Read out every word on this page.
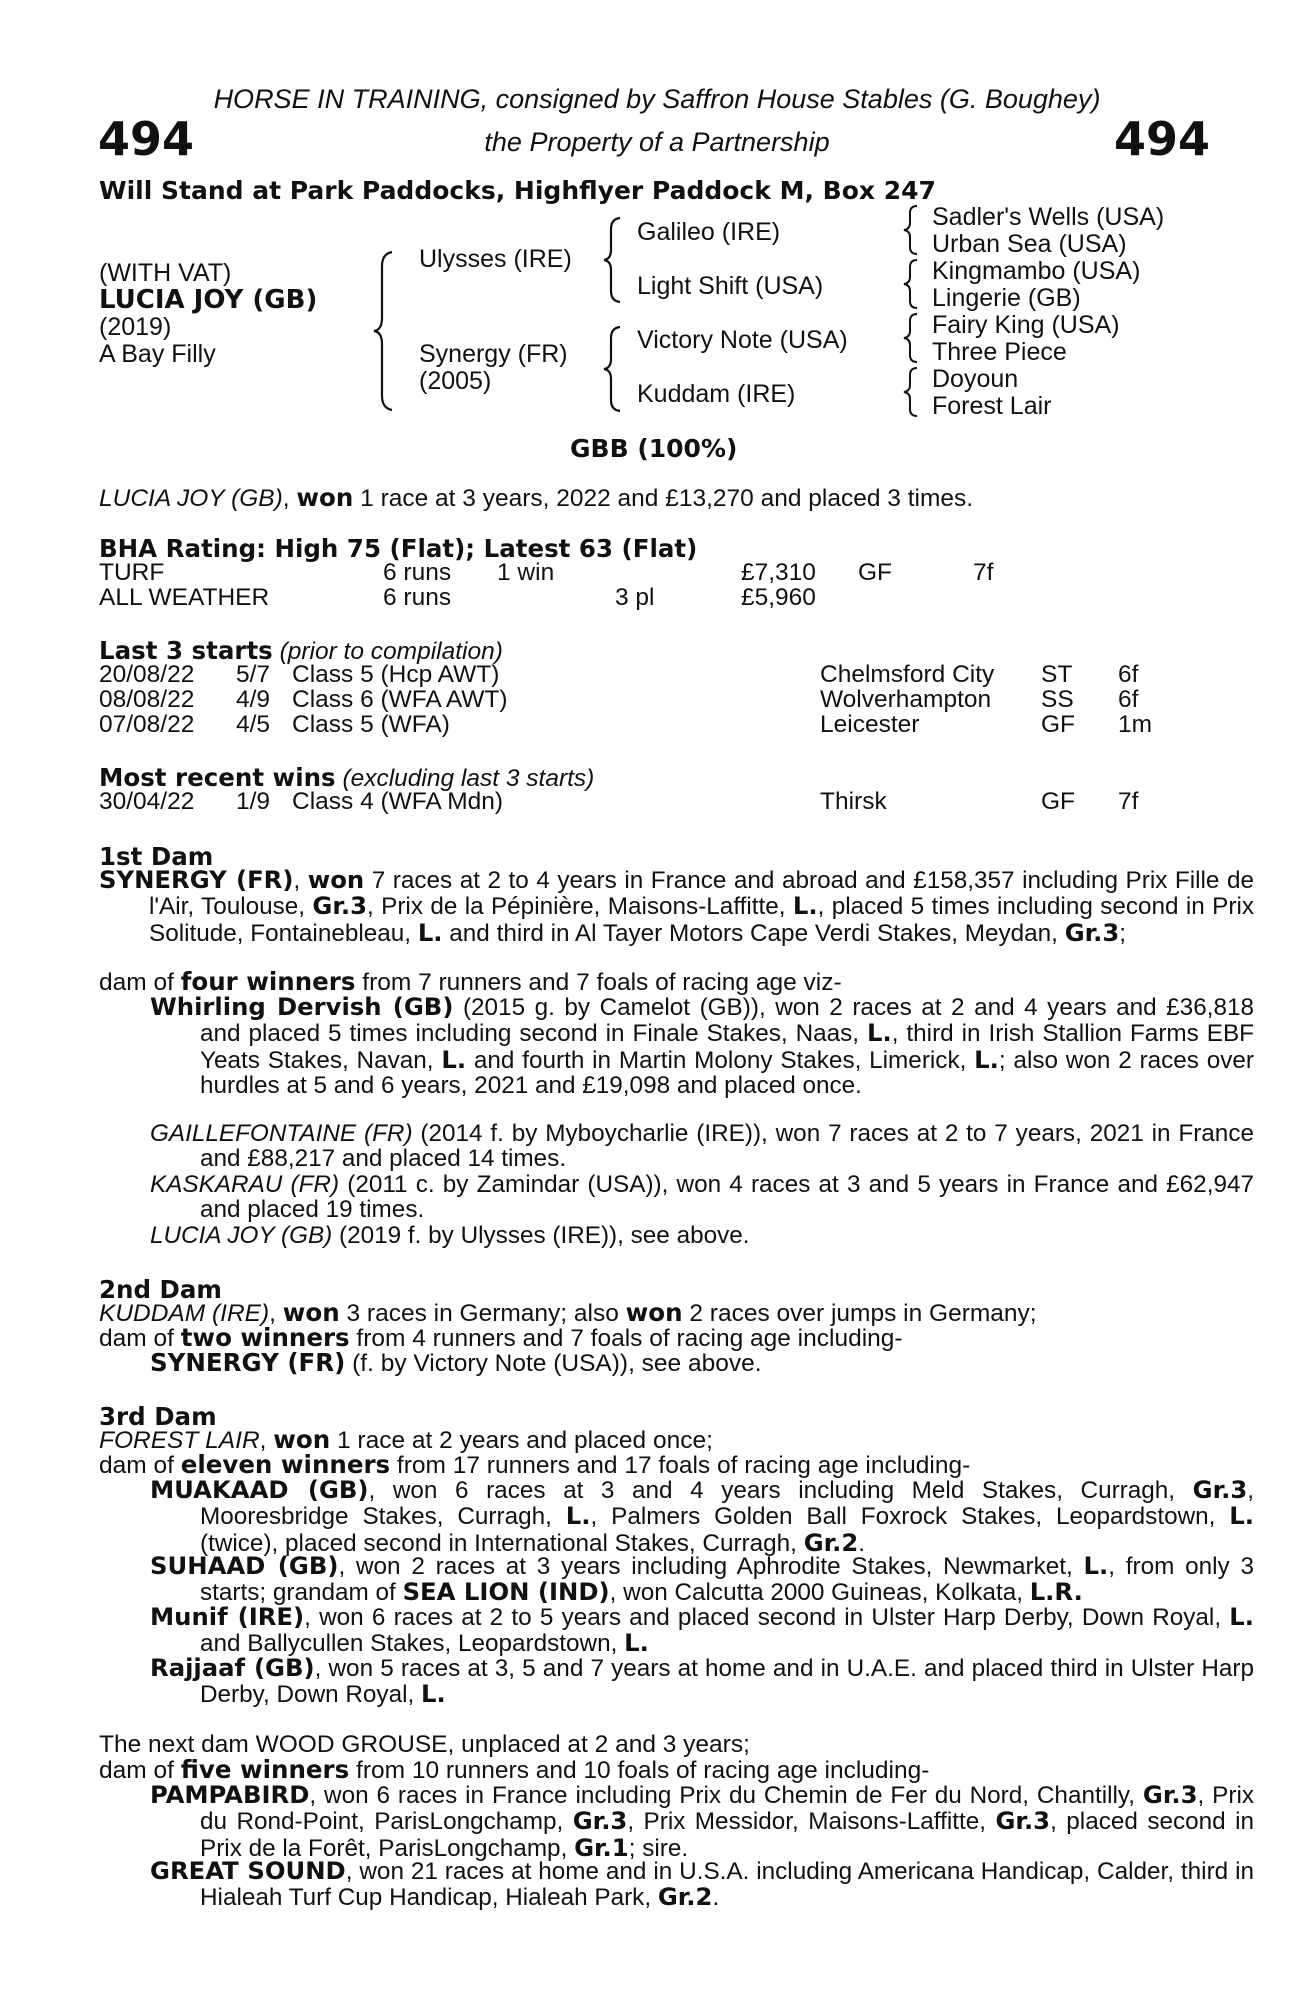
HORSE IN TRAINING, consigned by Saffron House Stables (G. Boughey)
494	the Property of a Partnership	494
Will Stand at Park Paddocks, Highflyer Paddock M, Box 247
(WITH VAT)
LUCIA JOY (GB)
(2019)
A Bay Filly
Ulysses (IRE)
Synergy (FR)
(2005)
Galileo (IRE)
Light Shift (USA)
Victory Note (USA)
Kuddam (IRE)
Sadler's Wells (USA)
Urban Sea (USA)
Kingmambo (USA)
Lingerie (GB)
Fairy King (USA)
Three Piece
Doyoun
Forest Lair
GBB (100%)
LUCIA JOY (GB), won 1 race at 3 years, 2022 and £13,270 and placed 3 times.
BHA Rating: High 75 (Flat); Latest 63 (Flat)
TURF	6 runs 1 win	£7,310 GF	7f
ALL WEATHER	6 runs	3 pl	£5,960
Last 3 starts (prior to compilation)
20/08/22 5/7 Class 5 (Hcp AWT)	Chelmsford City ST 6f
08/08/22 4/9 Class 6 (WFA AWT)	Wolverhampton SS 6f
07/08/22 4/5 Class 5 (WFA)	Leicester	GF 1m
Most recent wins (excluding last 3 starts)
30/04/22 1/9 Class 4 (WFA Mdn)	Thirsk	GF 7f
1st Dam
SYNERGY (FR), won 7 races at 2 to 4 years in France and abroad and £158,357 including Prix Fille de l'Air, Toulouse, Gr.3, Prix de la Pépinière, Maisons-Laffitte, L., placed 5 times including second in Prix Solitude, Fontainebleau, L. and third in Al Tayer Motors Cape Verdi Stakes, Meydan, Gr.3;
dam of four winners from 7 runners and 7 foals of racing age viz-
Whirling Dervish (GB) (2015 g. by Camelot (GB)), won 2 races at 2 and 4 years and £36,818 and placed 5 times including second in Finale Stakes, Naas, L., third in Irish Stallion Farms EBF Yeats Stakes, Navan, L. and fourth in Martin Molony Stakes, Limerick, L.; also won 2 races over hurdles at 5 and 6 years, 2021 and £19,098 and placed once.
GAILLEFONTAINE (FR) (2014 f. by Myboycharlie (IRE)), won 7 races at 2 to 7 years, 2021 in France and £88,217 and placed 14 times.
KASKARAU (FR) (2011 c. by Zamindar (USA)), won 4 races at 3 and 5 years in France and £62,947 and placed 19 times.
LUCIA JOY (GB) (2019 f. by Ulysses (IRE)), see above.
2nd Dam
KUDDAM (IRE), won 3 races in Germany; also won 2 races over jumps in Germany;
dam of two winners from 4 runners and 7 foals of racing age including-
SYNERGY (FR) (f. by Victory Note (USA)), see above.
3rd Dam
FOREST LAIR, won 1 race at 2 years and placed once;
dam of eleven winners from 17 runners and 17 foals of racing age including-
MUAKAAD (GB), won 6 races at 3 and 4 years including Meld Stakes, Curragh, Gr.3, Mooresbridge Stakes, Curragh, L., Palmers Golden Ball Foxrock Stakes, Leopardstown, L. (twice), placed second in International Stakes, Curragh, Gr.2.
SUHAAD (GB), won 2 races at 3 years including Aphrodite Stakes, Newmarket, L., from only 3 starts; grandam of SEA LION (IND), won Calcutta 2000 Guineas, Kolkata, L.R.
Munif (IRE), won 6 races at 2 to 5 years and placed second in Ulster Harp Derby, Down Royal, L. and Ballycullen Stakes, Leopardstown, L.
Rajjaaf (GB), won 5 races at 3, 5 and 7 years at home and in U.A.E. and placed third in Ulster Harp Derby, Down Royal, L.
The next dam WOOD GROUSE, unplaced at 2 and 3 years;
dam of five winners from 10 runners and 10 foals of racing age including-
PAMPABIRD, won 6 races in France including Prix du Chemin de Fer du Nord, Chantilly, Gr.3, Prix du Rond-Point, ParisLongchamp, Gr.3, Prix Messidor, Maisons-Laffitte, Gr.3, placed second in Prix de la Forêt, ParisLongchamp, Gr.1; sire.
GREAT SOUND, won 21 races at home and in U.S.A. including Americana Handicap, Calder, third in Hialeah Turf Cup Handicap, Hialeah Park, Gr.2.
